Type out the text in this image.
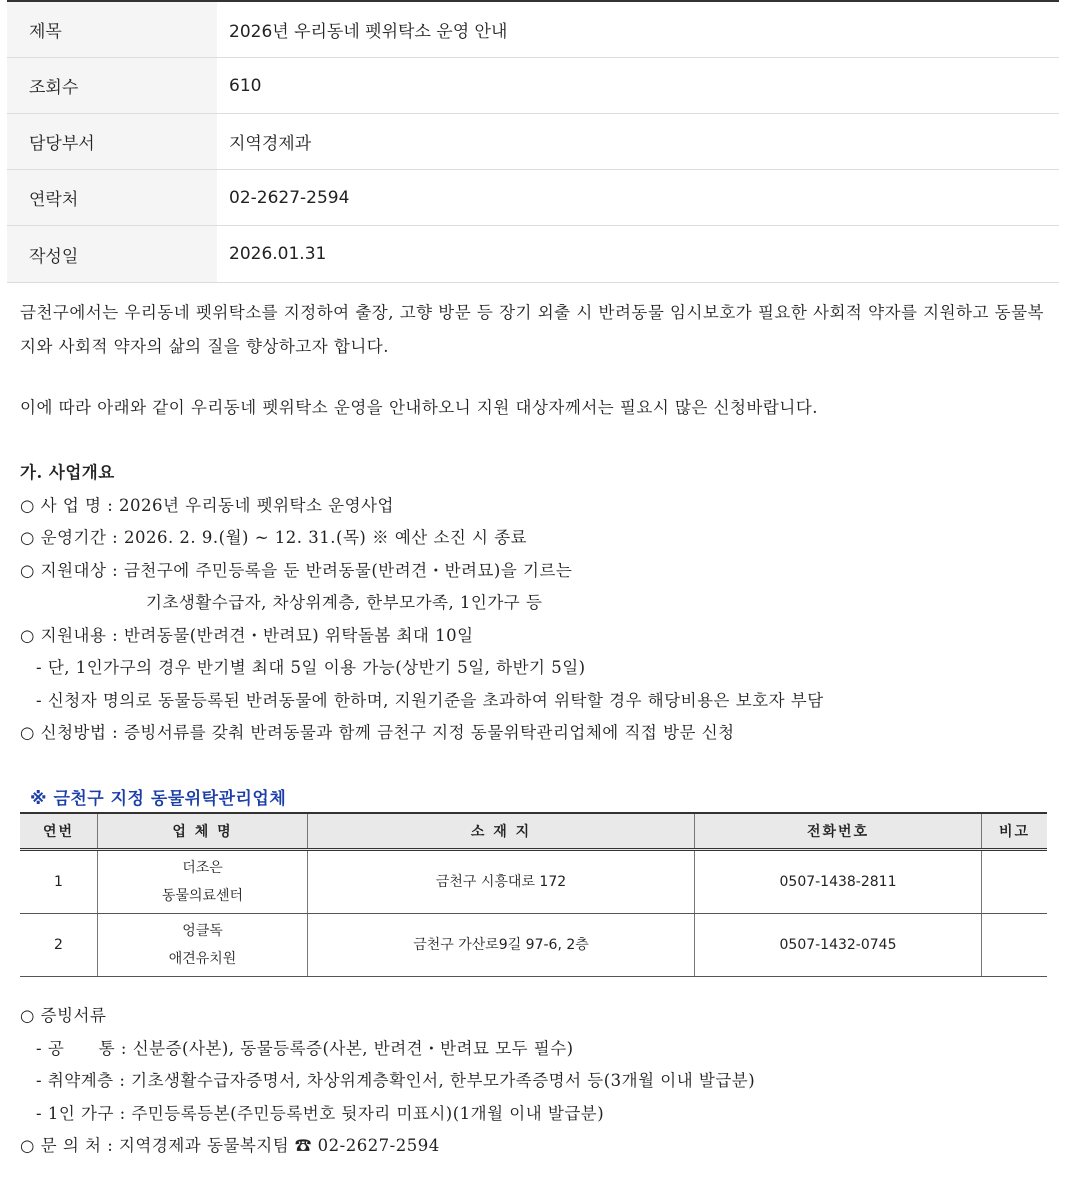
제목	2026년 우리동네 펫위탁소 운영 안내
조회수	610
담당부서	지역경제과
연락처	02-2627-2594
작성일	2026.01.31

금천구에서는 우리동네 펫위탁소를 지정하여 출장, 고향 방문 등 장기 외출 시 반려동물 임시보호가 필요한 사회적 약자를 지원하고 동물복지와 사회적 약자의 삶의 질을 향상하고자 합니다.

이에 따라 아래와 같이 우리동네 펫위탁소 운영을 안내하오니 지원 대상자께서는 필요시 많은 신청바랍니다.
가. 사업개요
○ 사 업 명 : 2026년 우리동네 펫위탁소 운영사업
○ 운영기간 : 2026. 2. 9.(월) ~ 12. 31.(목) ※ 예산 소진 시 종료
○ 지원대상 : 금천구에 주민등록을 둔 반려동물(반려견・반려묘)을 기르는
기초생활수급자, 차상위계층, 한부모가족, 1인가구 등
○ 지원내용 : 반려동물(반려견・반려묘) 위탁돌봄 최대 10일
- 단, 1인가구의 경우 반기별 최대 5일 이용 가능(상반기 5일, 하반기 5일)
- 신청자 명의로 동물등록된 반려동물에 한하며, 지원기준을 초과하여 위탁할 경우 해당비용은 보호자 부담
○ 신청방법 : 증빙서류를 갖춰 반려동물과 함께 금천구 지정 동물위탁관리업체에 직접 방문 신청
※ 금천구 지정 동물위탁관리업체
연번	업 체 명	소 재 지	전화번호	비고
1	더조은
동물의료센터	금천구 시흥대로 172	0507-1438-2811	
2	엉클독
애견유치원	금천구 가산로9길 97-6, 2층	0507-1432-0745	
○ 증빙서류
- 공      통 : 신분증(사본), 동물등록증(사본, 반려견・반려묘 모두 필수)
- 취약계층 : 기초생활수급자증명서, 차상위계층확인서, 한부모가족증명서 등(3개월 이내 발급분)
- 1인 가구 : 주민등록등본(주민등록번호 뒷자리 미표시)(1개월 이내 발급분)
○ 문 의 처 : 지역경제과 동물복지팀 ☎ 02-2627-2594
